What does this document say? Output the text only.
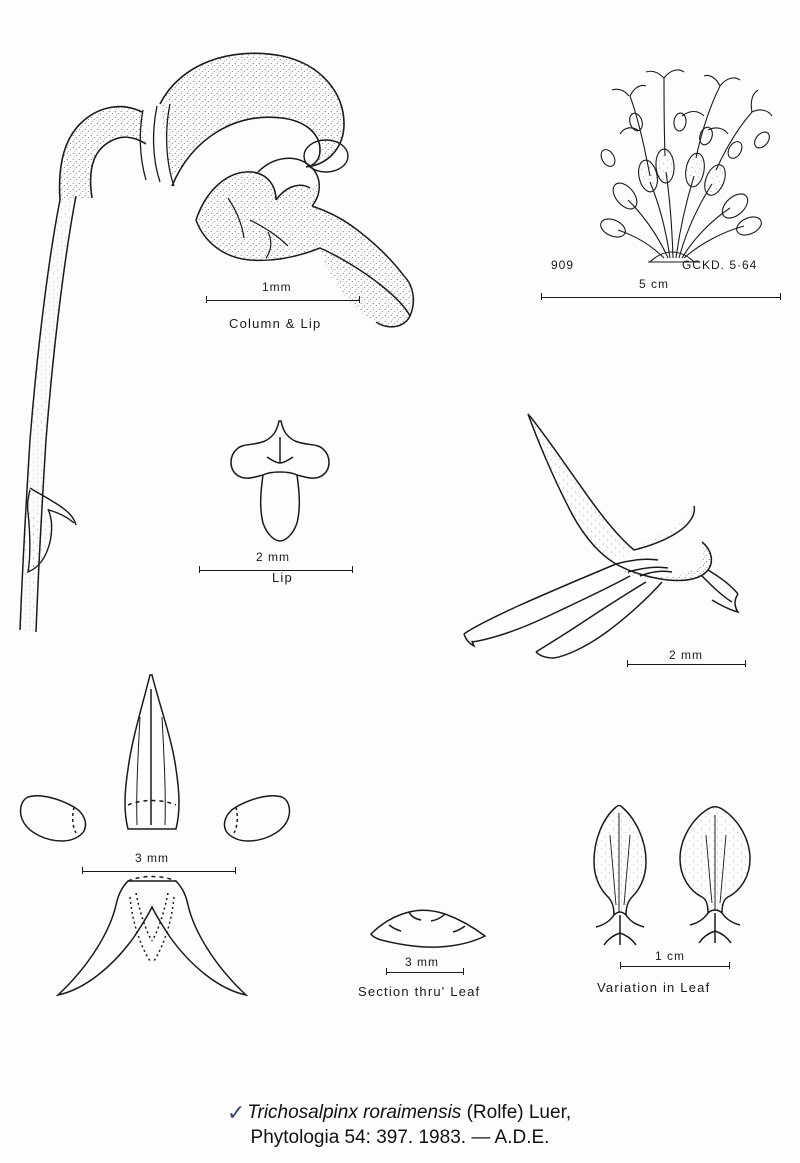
1mm
Column & Lip
909	GCKD. 5·64
5 cm
2 mm
Lip
2 mm
3 mm
3 mm
Section thru' Leaf
1 cm
Variation in Leaf
✓ Trichosalpinx roraimensis (Rolfe) Luer,
Phytologia 54: 397. 1983. — A.D.E.
